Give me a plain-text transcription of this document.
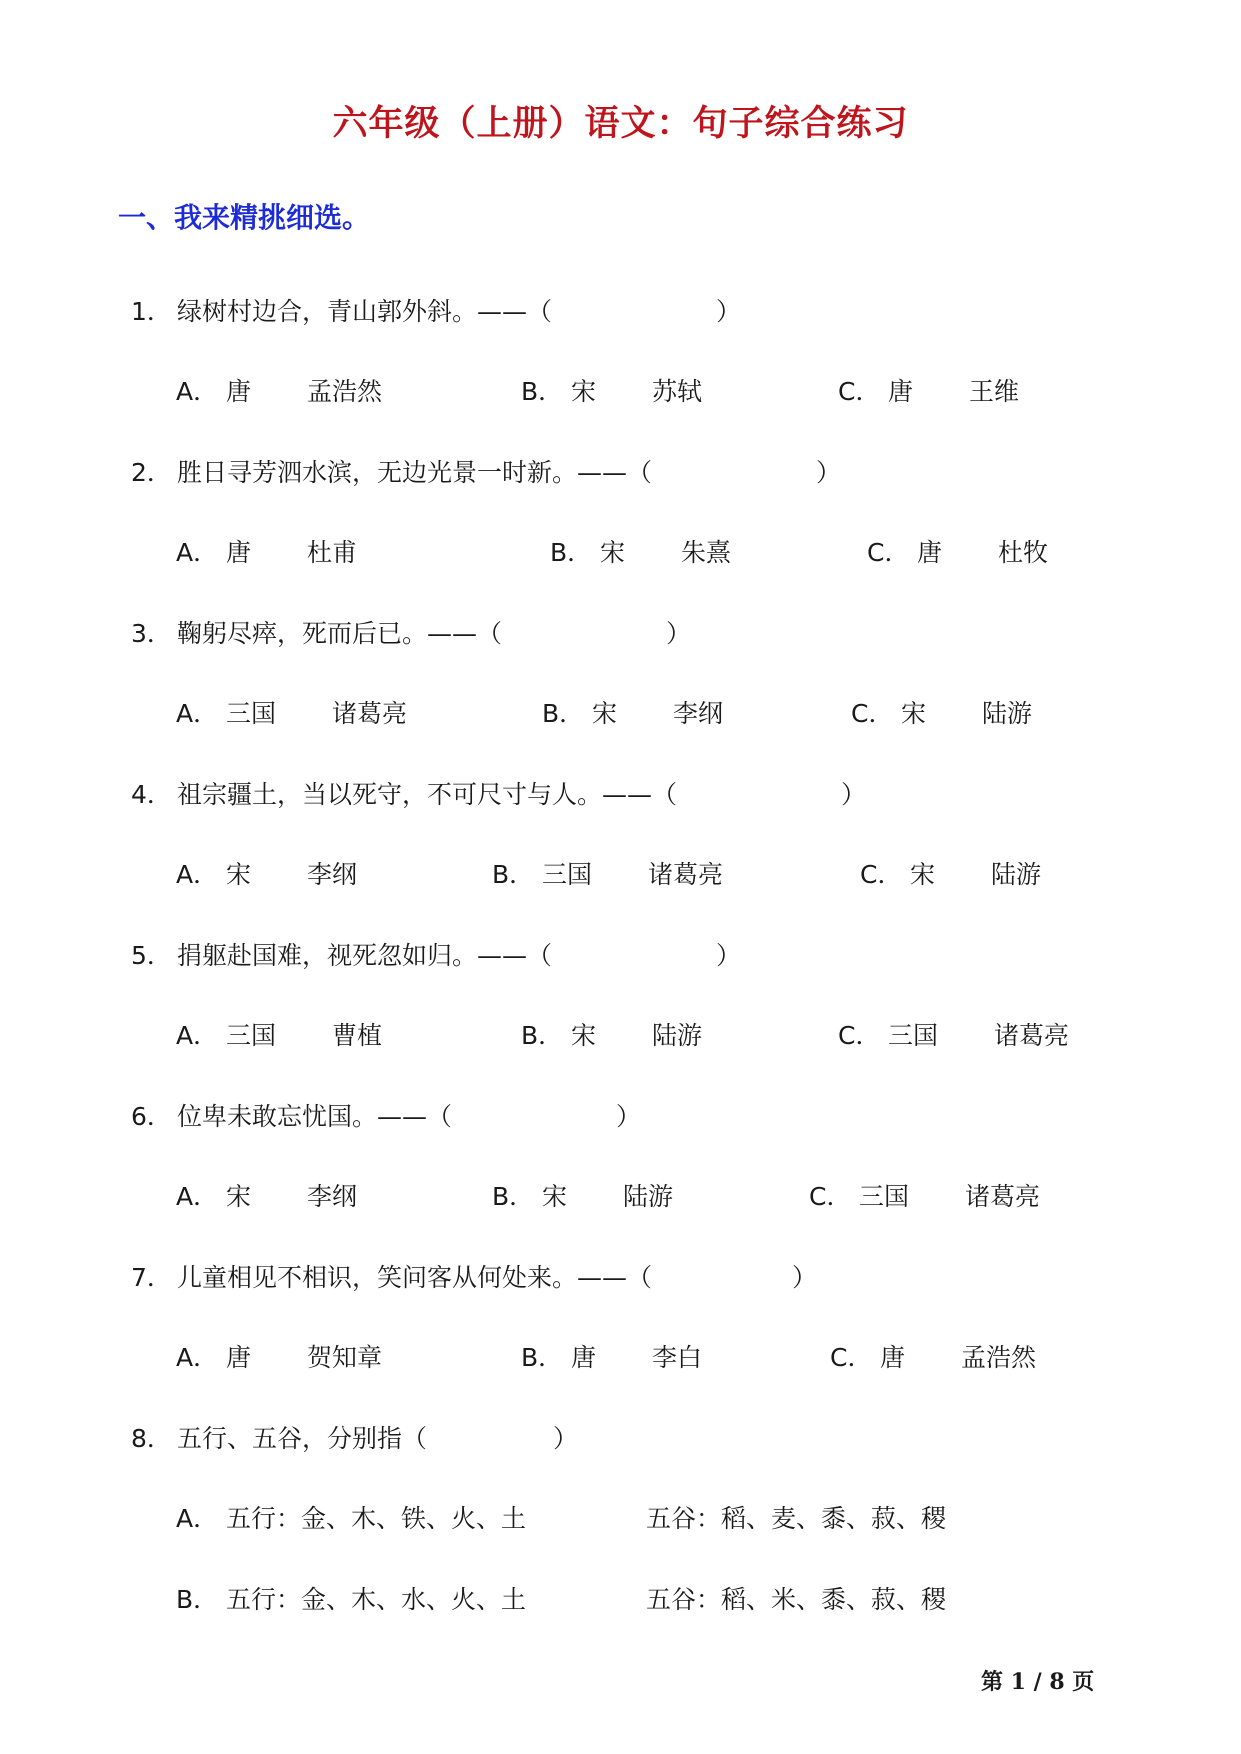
六年级（上册）语文：句子综合练习
一、我来精挑细选。
1． 绿树村边合，青山郭外斜。——（	）
A． 唐 孟浩然	B． 宋 苏轼	C． 唐 王维
2． 胜日寻芳泗水滨，无边光景一时新。——（	）
A． 唐 杜甫	B． 宋 朱熹	C． 唐 杜牧
3． 鞠躬尽瘁，死而后已。——（	）
A． 三国 诸葛亮	B． 宋 李纲	C． 宋 陆游
4． 祖宗疆土，当以死守，不可尺寸与人。——（	）
A． 宋 李纲	B． 三国 诸葛亮	C． 宋 陆游
5． 捐躯赴国难，视死忽如归。——（	）
A． 三国 曹植	B． 宋 陆游	C． 三国 诸葛亮
6． 位卑未敢忘忧国。——（	）
A． 宋 李纲	B． 宋 陆游	C． 三国 诸葛亮
7． 儿童相见不相识，笑问客从何处来。——（	）
A． 唐 贺知章	B． 唐 李白	C． 唐 孟浩然
8． 五行、五谷，分别指（	）
A． 五行：金、木、铁、火、土	五谷：稻、麦、黍、菽、稷
B． 五行：金、木、水、火、土	五谷：稻、米、黍、菽、稷
第 1 / 8 页
